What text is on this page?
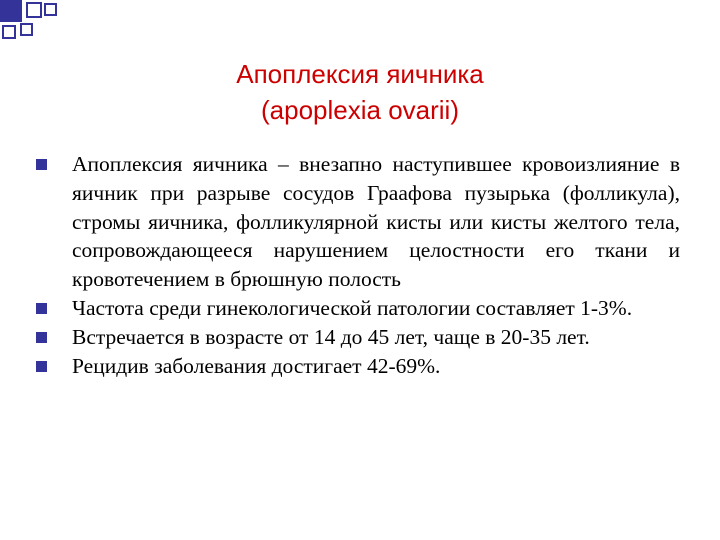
Апоплексия яичника
(apoplexia ovarii)
Апоплексия яичника – внезапно наступившее кровоизлияние в яичник при разрыве сосудов Граафова пузырька (фолликула), стромы яичника, фолликулярной кисты или кисты желтого тела, сопровождающееся нарушением целостности его ткани и кровотечением в брюшную полость
Частота среди гинекологической патологии составляет 1-3%.
Встречается в возрасте от 14 до 45 лет, чаще в 20-35 лет.
Рецидив заболевания достигает 42-69%.
